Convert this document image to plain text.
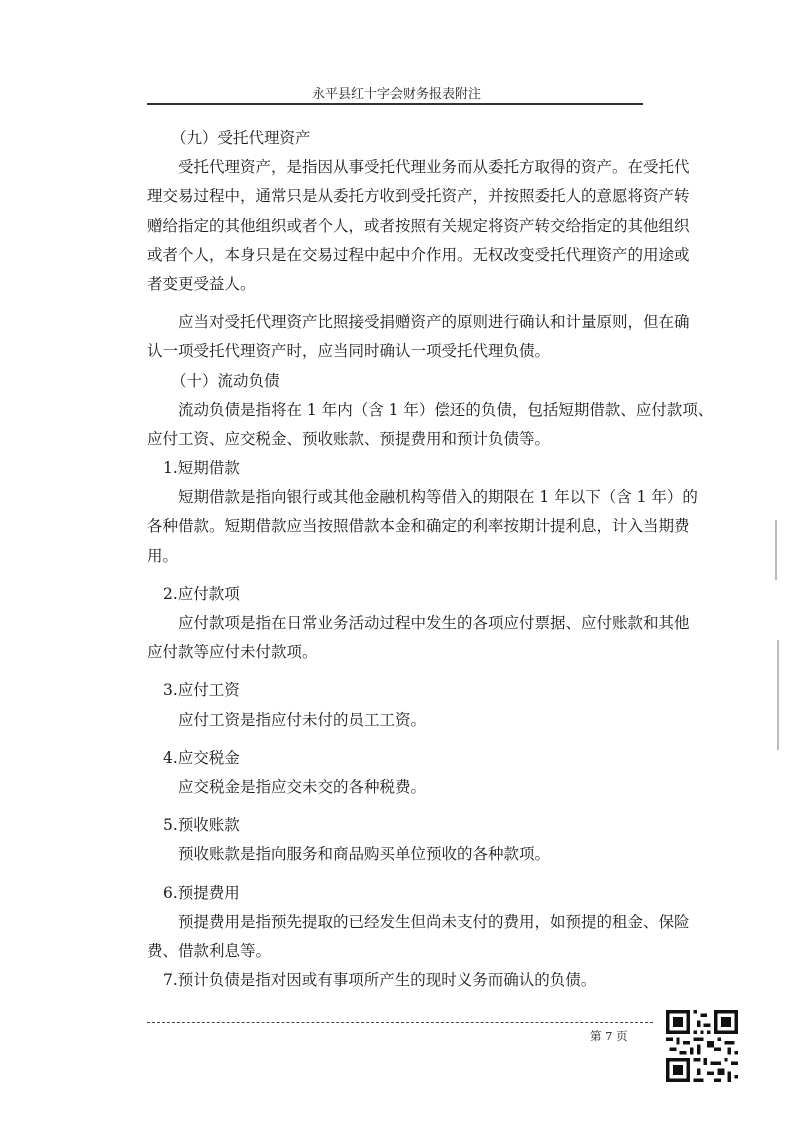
永平县红十字会财务报表附注

（九）受托代理资产

受托代理资产，是指因从事受托代理业务而从委托方取得的资产。在受托代

理交易过程中，通常只是从委托方收到受托资产，并按照委托人的意愿将资产转

赠给指定的其他组织或者个人，或者按照有关规定将资产转交给指定的其他组织

或者个人，本身只是在交易过程中起中介作用。无权改变受托代理资产的用途或

者变更受益人。

应当对受托代理资产比照接受捐赠资产的原则进行确认和计量原则，但在确

认一项受托代理资产时，应当同时确认一项受托代理负债。

（十）流动负债

流动负债是指将在 1 年内（含 1 年）偿还的负债，包括短期借款、应付款项、

应付工资、应交税金、预收账款、预提费用和预计负债等。

1.短期借款

短期借款是指向银行或其他金融机构等借入的期限在 1 年以下（含 1 年）的

各种借款。短期借款应当按照借款本金和确定的利率按期计提利息，计入当期费

用。

2.应付款项

应付款项是指在日常业务活动过程中发生的各项应付票据、应付账款和其他

应付款等应付未付款项。

3.应付工资

应付工资是指应付未付的员工工资。

4.应交税金

应交税金是指应交未交的各种税费。

5.预收账款

预收账款是指向服务和商品购买单位预收的各种款项。

6.预提费用

预提费用是指预先提取的已经发生但尚未支付的费用，如预提的租金、保险

费、借款利息等。

7.预计负债是指对因或有事项所产生的现时义务而确认的负债。

第 7 页
